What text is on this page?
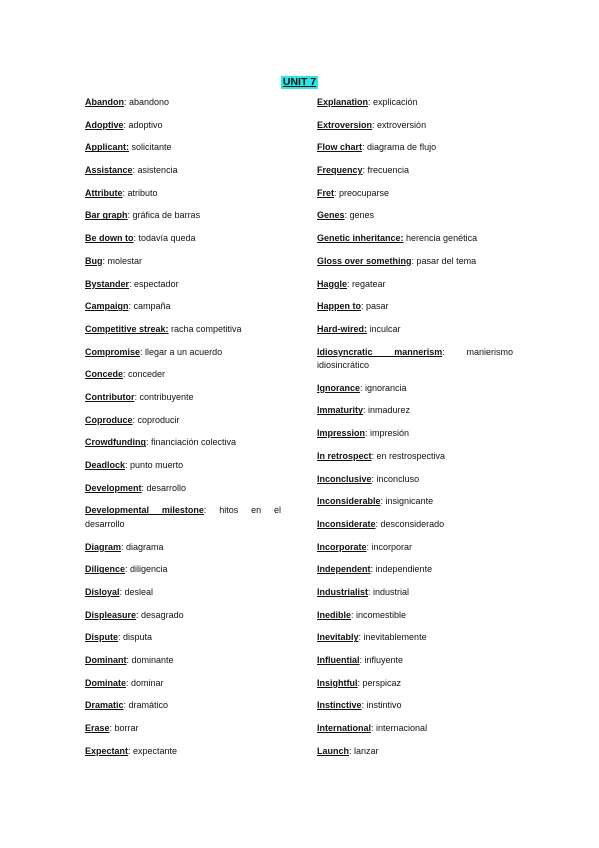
UNIT 7
Abandon: abandono
Adoptive: adoptivo
Applicant: solicitante
Assistance: asistencia
Attribute: atributo
Bar graph: gráfica de barras
Be down to: todavía queda
Bug: molestar
Bystander: espectador
Campaign: campaña
Competitive streak: racha competitiva
Compromise: llegar a un acuerdo
Concede: conceder
Contributor: contribuyente
Coproduce: coproducir
Crowdfunding: financiación colectiva
Deadlock: punto muerto
Development: desarrollo
Developmental milestone: hitos en el desarrollo
Diagram: diagrama
Diligence: diligencia
Disloyal: desleal
Displeasure: desagrado
Dispute: disputa
Dominant: dominante
Dominate: dominar
Dramatic: dramático
Erase: borrar
Expectant: expectante
Explanation: explicación
Extroversion: extroversión
Flow chart: diagrama de flujo
Frequency: frecuencia
Fret: preocuparse
Genes: genes
Genetic inheritance: herencia genética
Gloss over something: pasar del tema
Haggle: regatear
Happen to: pasar
Hard-wired: inculcar
Idiosyncratic mannerism: manierismo idiosincrático
Ignorance: ignorancia
Immaturity: inmadurez
Impression: impresión
In retrospect: en restrospectiva
Inconclusive: inconcluso
Inconsiderable: insignicante
Inconsiderate: desconsiderado
Incorporate: incorporar
Independent: independiente
Industrialist: industrial
Inedible: incomestible
Inevitably: inevitablemente
Influential: influyente
Insightful: perspicaz
Instinctive: instintivo
International: internacional
Launch: lanzar
